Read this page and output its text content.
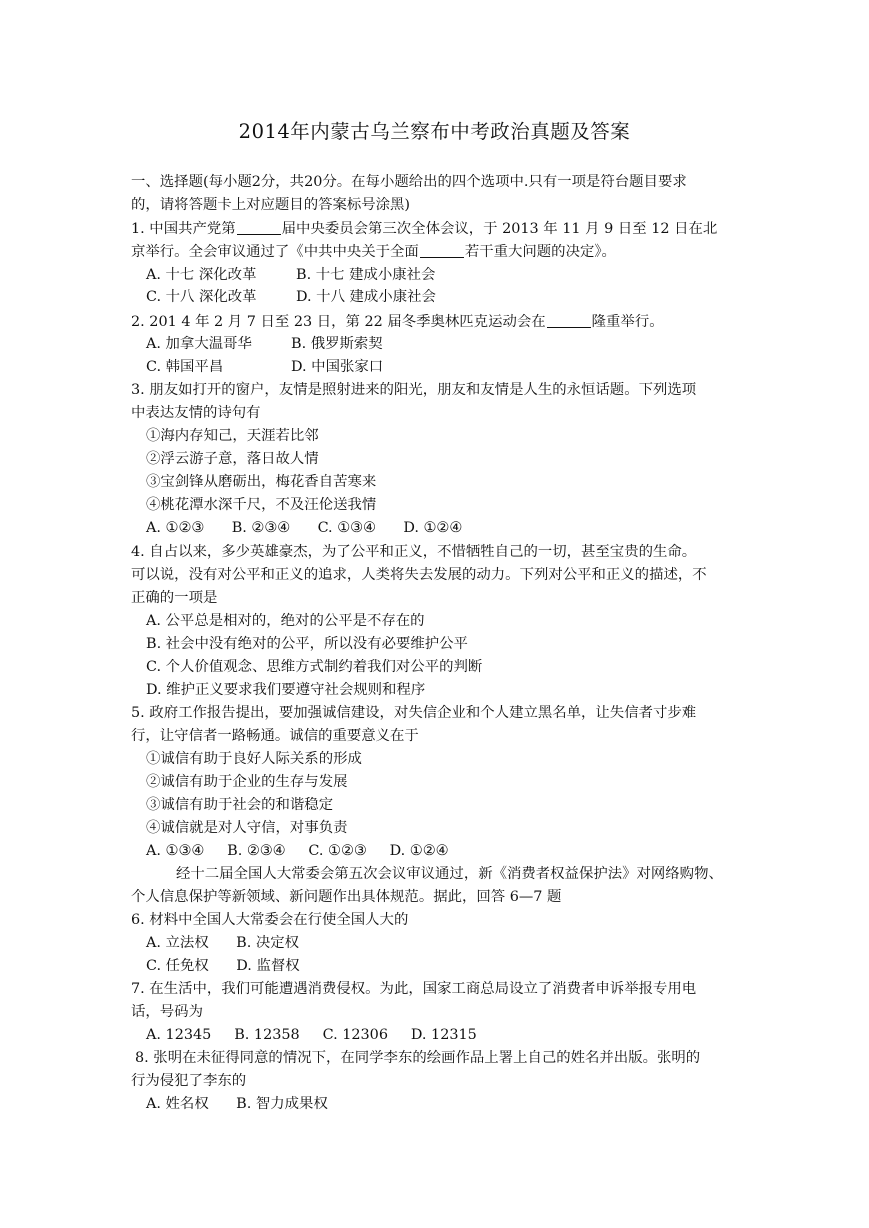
2014年内蒙古乌兰察布中考政治真题及答案
一、选择题(每小题2分，共20分。在每小题给出的四个选项中.只有一项是符台题目要求
的，请将答题卡上对应题目的答案标号涂黑)
1. 中国共产党第	届中央委员会第三次全体会议，于 2013 年 11 月 9 日至 12 日在北
京举行。全会审议通过了《中共中央关于全面	若干重大问题的决定》。
A. 十七 深化改革	B. 十七 建成小康社会
C. 十八 深化改革	D. 十八 建成小康社会
2. 201 4 年 2 月 7 日至 23 日，第 22 届冬季奥林匹克运动会在	隆重举行。
A. 加拿大温哥华	B. 俄罗斯索契
C. 韩国平昌	D. 中国张家口
3. 朋友如打开的窗户，友情是照射进来的阳光，朋友和友情是人生的永恒话题。下列选项
中表达友情的诗句有
①海内存知己，天涯若比邻
②浮云游子意，落日故人情
③宝剑锋从磨砺出，梅花香自苦寒来
④桃花潭水深千尺，不及汪伦送我情
A. ①②③      B. ②③④      C. ①③④      D. ①②④
4. 自占以来，多少英雄豪杰，为了公平和正义，不惜牺牲自己的一切，甚至宝贵的生命。
可以说，没有对公平和正义的追求，人类将失去发展的动力。下列对公平和正义的描述，不
正确的一项是
A. 公平总是相对的，绝对的公平是不存在的
B. 社会中没有绝对的公平，所以没有必要维护公平
C. 个人价值观念、思维方式制约着我们对公平的判断
D. 维护正义要求我们要遵守社会规则和程序
5. 政府工作报告提出，要加强诚信建设，对失信企业和个人建立黑名单，让失信者寸步难
行，让守信者一路畅通。诚信的重要意义在于
①诚信有助于良好人际关系的形成
②诚信有助于企业的生存与发展
③诚信有助于社会的和谐稳定
④诚信就是对人守信，对事负责
A. ①③④     B. ②③④     C. ①②③     D. ①②④
经十二届全国人大常委会第五次会议审议通过，新《消费者权益保护法》对网络购物、
个人信息保护等新领域、新问题作出具体规范。据此，回答 6—7 题
6. 材料中全国人大常委会在行使全国人大的
A. 立法权      B. 决定权
C. 任免权      D. 监督权
7. 在生活中，我们可能遭遇消费侵权。为此，国家工商总局设立了消费者申诉举报专用电
话，号码为
A. 12345     B. 12358     C. 12306     D. 12315
8. 张明在未征得同意的情况下，在同学李东的绘画作品上署上自己的姓名并出版。张明的
行为侵犯了李东的
A. 姓名权      B. 智力成果权
